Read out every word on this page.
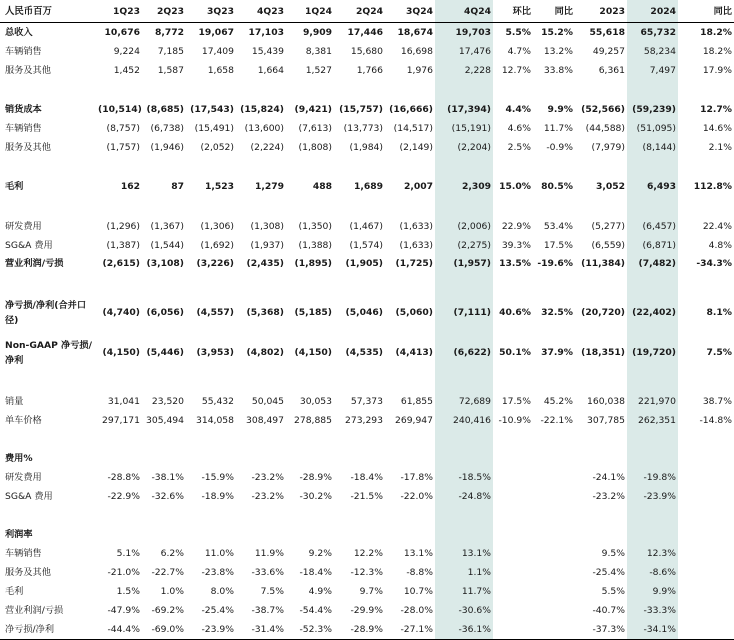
人民币百万	1Q23	2Q23	3Q23	4Q23	1Q24	2Q24	3Q24	4Q24	环比	同比	2023	2024	同比
总收入	10,676	8,772	19,067	17,103	9,909	17,446	18,674	19,703	5.5%	15.2%	55,618	65,732	18.2%
车辆销售	9,224	7,185	17,409	15,439	8,381	15,680	16,698	17,476	4.7%	13.2%	49,257	58,234	18.2%
服务及其他	1,452	1,587	1,658	1,664	1,527	1,766	1,976	2,228	12.7%	33.8%	6,361	7,497	17.9%

销货成本	(10,514)	(8,685)	(17,543)	(15,824)	(9,421)	(15,757)	(16,666)	(17,394)	4.4%	9.9%	(52,566)	(59,239)	12.7%
车辆销售	(8,757)	(6,738)	(15,491)	(13,600)	(7,613)	(13,773)	(14,517)	(15,191)	4.6%	11.7%	(44,588)	(51,095)	14.6%
服务及其他	(1,757)	(1,946)	(2,052)	(2,224)	(1,808)	(1,984)	(2,149)	(2,204)	2.5%	-0.9%	(7,979)	(8,144)	2.1%

毛利	162	87	1,523	1,279	488	1,689	2,007	2,309	15.0%	80.5%	3,052	6,493	112.8%

研发费用	(1,296)	(1,367)	(1,306)	(1,308)	(1,350)	(1,467)	(1,633)	(2,006)	22.9%	53.4%	(5,277)	(6,457)	22.4%
SG&A 费用	(1,387)	(1,544)	(1,692)	(1,937)	(1,388)	(1,574)	(1,633)	(2,275)	39.3%	17.5%	(6,559)	(6,871)	4.8%
营业利润/亏损	(2,615)	(3,108)	(3,226)	(2,435)	(1,895)	(1,905)	(1,725)	(1,957)	13.5%	-19.6%	(11,384)	(7,482)	-34.3%

净亏损/净利(合并口径)	(4,740)	(6,056)	(4,557)	(5,368)	(5,185)	(5,046)	(5,060)	(7,111)	40.6%	32.5%	(20,720)	(22,402)	8.1%
Non-GAAP 净亏损/净利	(4,150)	(5,446)	(3,953)	(4,802)	(4,150)	(4,535)	(4,413)	(6,622)	50.1%	37.9%	(18,351)	(19,720)	7.5%

销量	31,041	23,520	55,432	50,045	30,053	57,373	61,855	72,689	17.5%	45.2%	160,038	221,970	38.7%
单车价格	297,171	305,494	314,058	308,497	278,885	273,293	269,947	240,416	-10.9%	-22.1%	307,785	262,351	-14.8%

费用%													
研发费用	-28.8%	-38.1%	-15.9%	-23.2%	-28.9%	-18.4%	-17.8%	-18.5%			-24.1%	-19.8%	
SG&A 费用	-22.9%	-32.6%	-18.9%	-23.2%	-30.2%	-21.5%	-22.0%	-24.8%			-23.2%	-23.9%	

利润率													
车辆销售	5.1%	6.2%	11.0%	11.9%	9.2%	12.2%	13.1%	13.1%			9.5%	12.3%	
服务及其他	-21.0%	-22.7%	-23.8%	-33.6%	-18.4%	-12.3%	-8.8%	1.1%			-25.4%	-8.6%	
毛利	1.5%	1.0%	8.0%	7.5%	4.9%	9.7%	10.7%	11.7%			5.5%	9.9%	
营业利润/亏损	-47.9%	-69.2%	-25.4%	-38.7%	-54.4%	-29.9%	-28.0%	-30.6%			-40.7%	-33.3%	
净亏损/净利	-44.4%	-69.0%	-23.9%	-31.4%	-52.3%	-28.9%	-27.1%	-36.1%			-37.3%	-34.1%	
